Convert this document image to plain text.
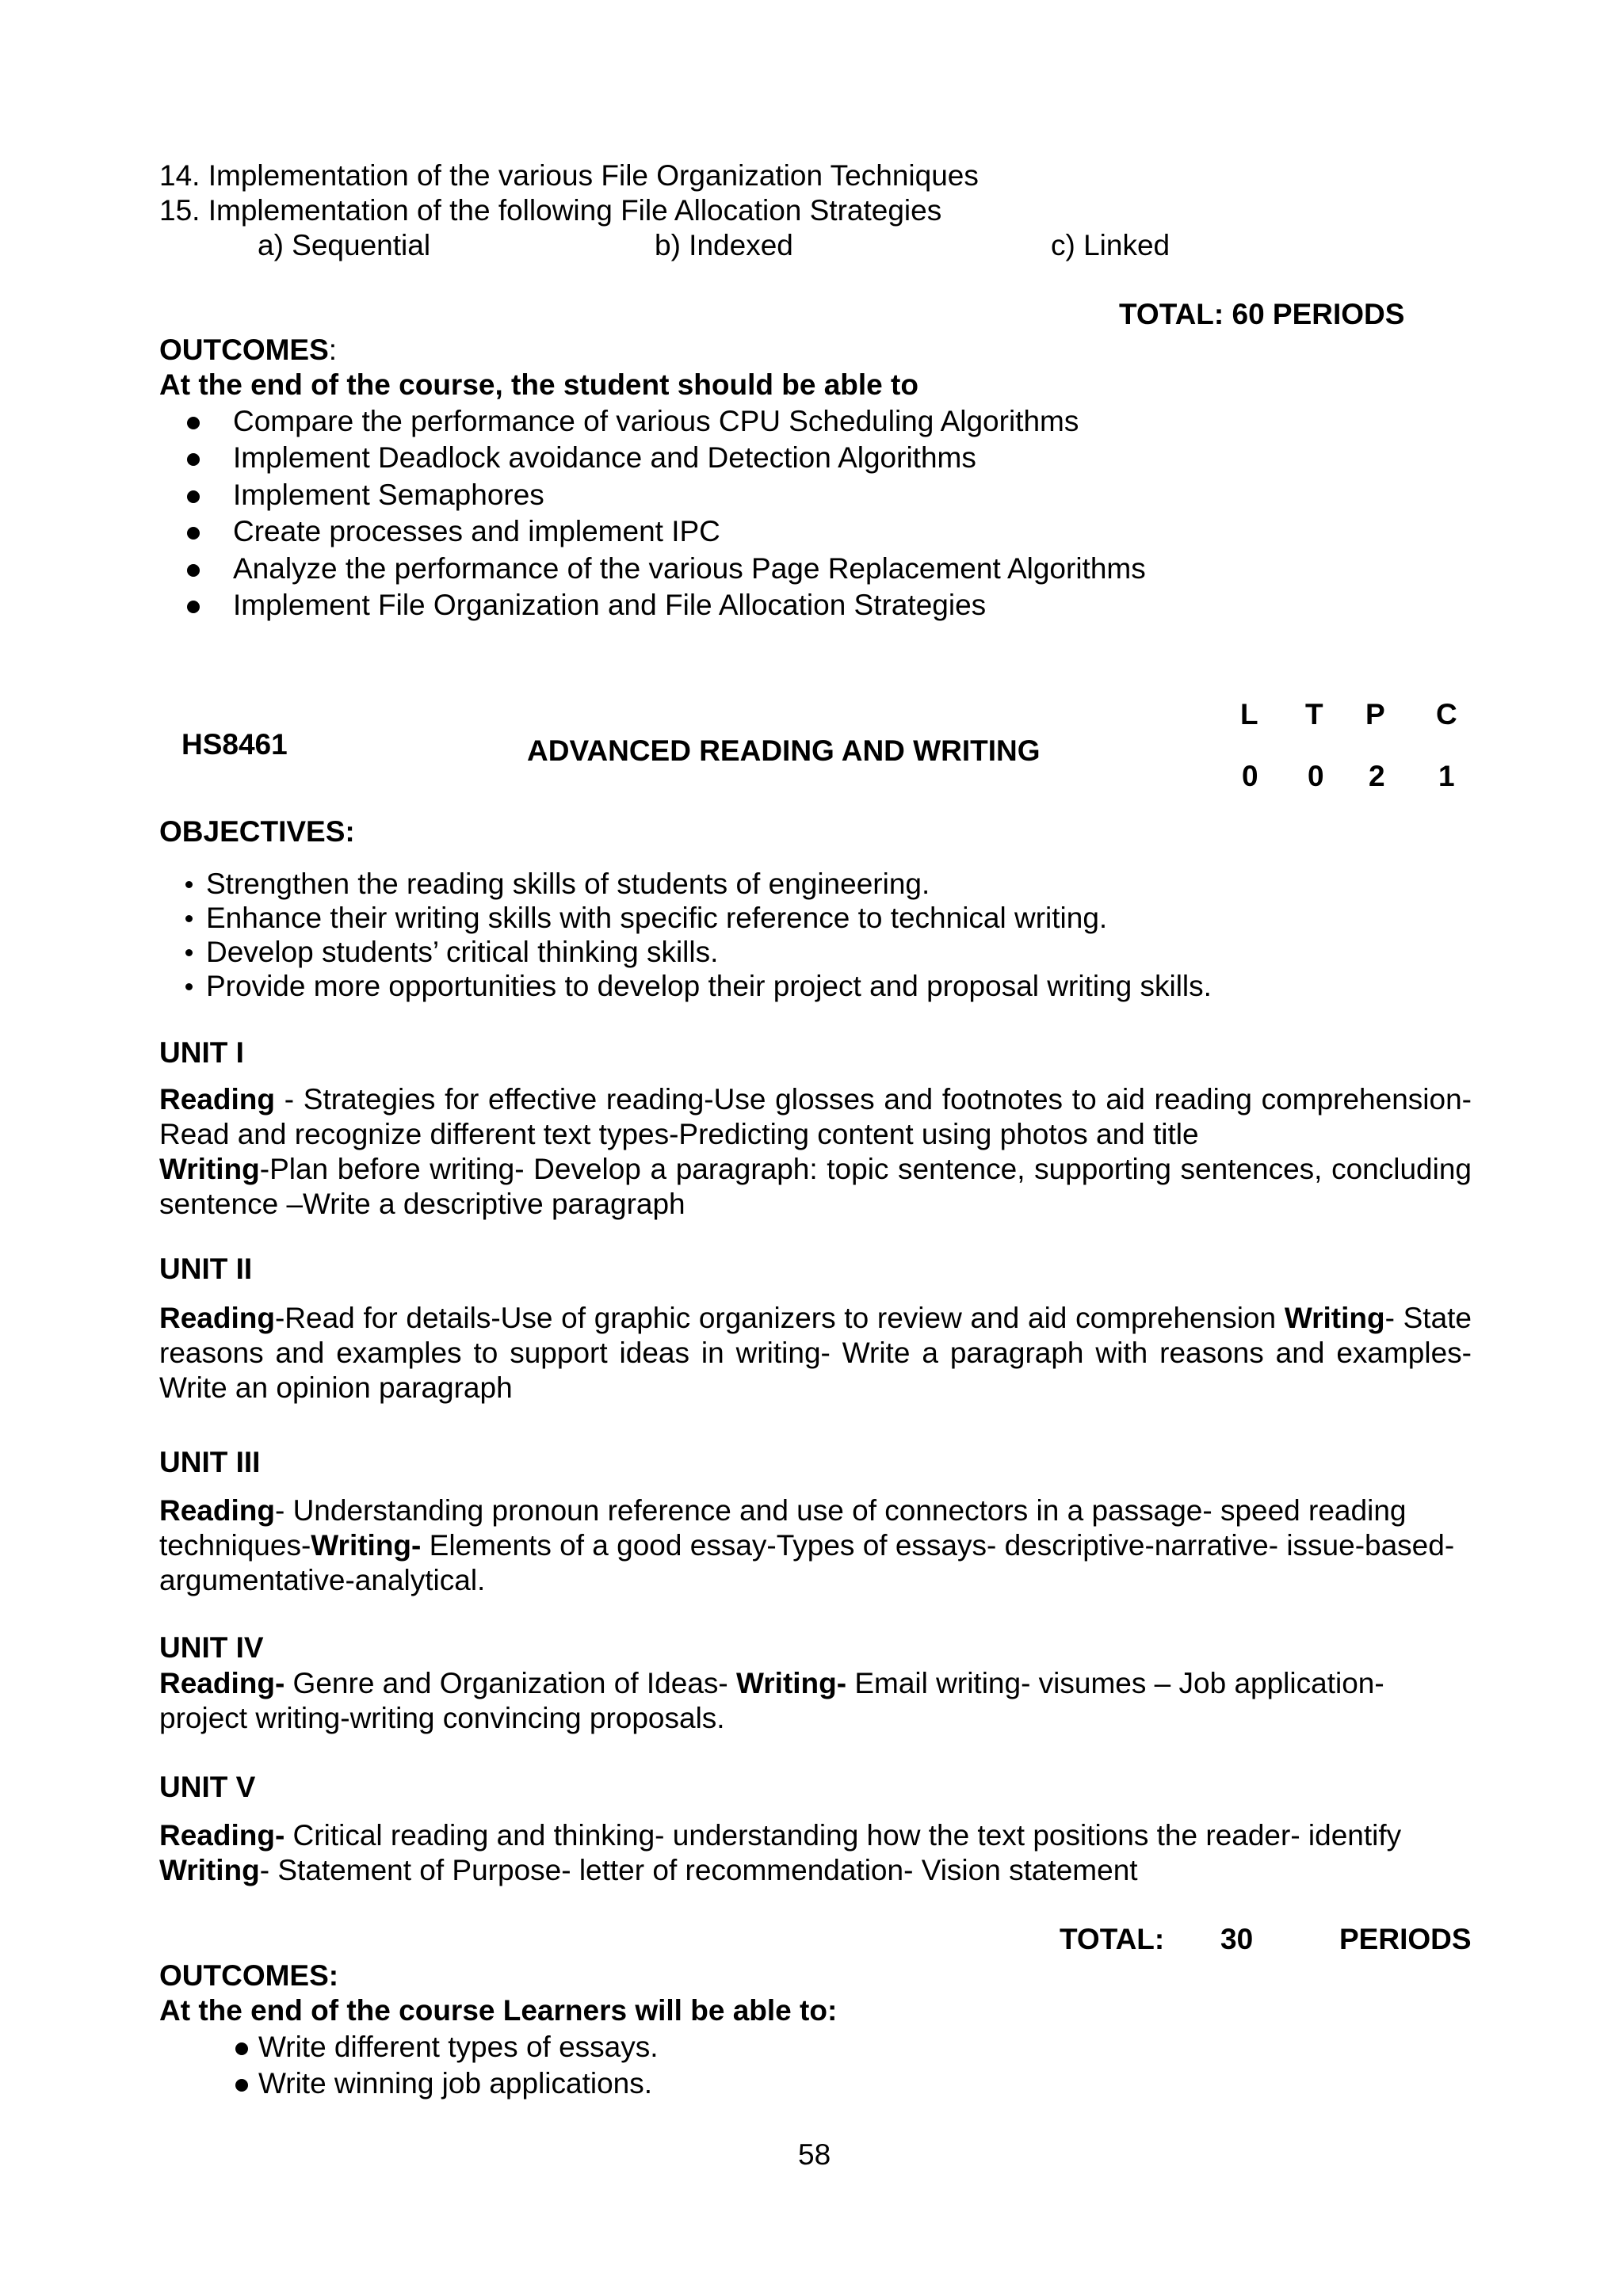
14. Implementation of the various File Organization Techniques
15. Implementation of the following File Allocation Strategies
a) Sequential	b) Indexed	c) Linked
TOTAL: 60 PERIODS
OUTCOMES:
At the end of the course, the student should be able to
Compare the performance of various CPU Scheduling Algorithms
Implement Deadlock avoidance and Detection Algorithms
Implement Semaphores
Create processes and implement IPC
Analyze the performance of the various Page Replacement Algorithms
Implement File Organization and File Allocation Strategies
HS8461	ADVANCED READING AND WRITING
L T P C
0 0 2 1
OBJECTIVES:
Strengthen the reading skills of students of engineering.
Enhance their writing skills with specific reference to technical writing.
Develop students’ critical thinking skills.
Provide more opportunities to develop their project and proposal writing skills.
UNIT I

Reading - Strategies for effective reading-Use glosses and footnotes to aid reading comprehension- Read and recognize different text types-Predicting content using photos and title
Writing-Plan before writing- Develop a paragraph: topic sentence, supporting sentences, concluding sentence –Write a descriptive paragraph

UNIT II

Reading-Read for details-Use of graphic organizers to review and aid comprehension Writing- State reasons and examples to support ideas in writing- Write a paragraph with reasons and examples- Write an opinion paragraph

UNIT III
Reading- Understanding pronoun reference and use of connectors in a passage- speed reading techniques-Writing- Elements of a good essay-Types of essays- descriptive-narrative- issue-based-argumentative-analytical.
UNIT IV
Reading- Genre and Organization of Ideas- Writing- Email writing- visumes – Job application- project writing-writing convincing proposals.
UNIT V
Reading- Critical reading and thinking- understanding how the text positions the reader- identify
Writing- Statement of Purpose- letter of recommendation- Vision statement
TOTAL: 30	PERIODS
OUTCOMES:
At the end of the course Learners will be able to:
Write different types of essays.
Write winning job applications.
58
